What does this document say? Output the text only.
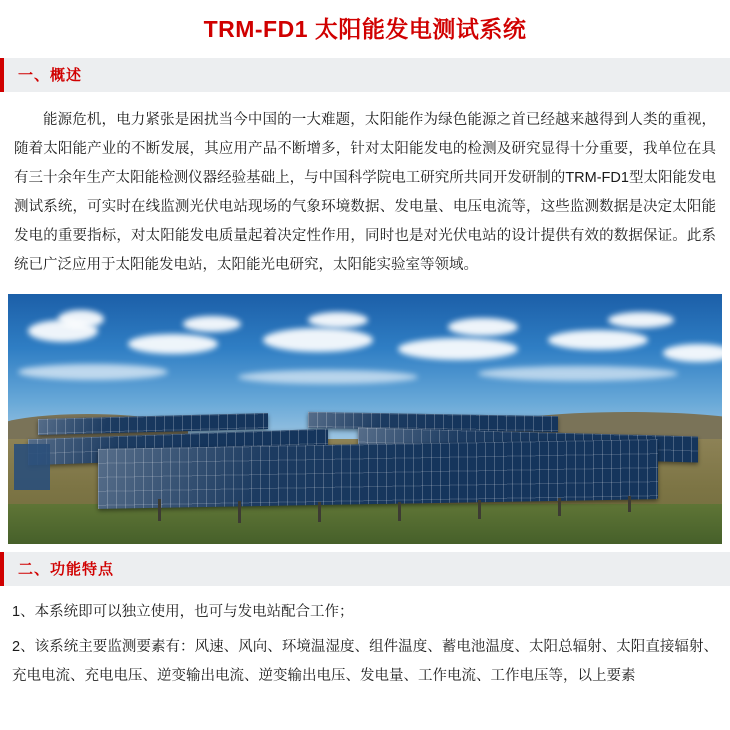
TRM-FD1 太阳能发电测试系统
一、概述
能源危机，电力紧张是困扰当今中国的一大难题，太阳能作为绿色能源之首已经越来越得到人类的重视，随着太阳能产业的不断发展，其应用产品不断增多，针对太阳能发电的检测及研究显得十分重要，我单位在具有三十余年生产太阳能检测仪器经验基础上，与中国科学院电工研究所共同开发研制的TRM-FD1型太阳能发电测试系统，可实时在线监测光伏电站现场的气象环境数据、发电量、电压电流等，这些监测数据是决定太阳能发电的重要指标，对太阳能发电质量起着决定性作用，同时也是对光伏电站的设计提供有效的数据保证。此系统已广泛应用于太阳能发电站，太阳能光电研究，太阳能实验室等领域。
二、功能特点
1、本系统即可以独立使用，也可与发电站配合工作；
2、该系统主要监测要素有：风速、风向、环境温湿度、组件温度、蓄电池温度、太阳总辐射、太阳直接辐射、充电电流、充电电压、逆变输出电流、逆变输出电压、发电量、工作电流、工作电压等，以上要素
